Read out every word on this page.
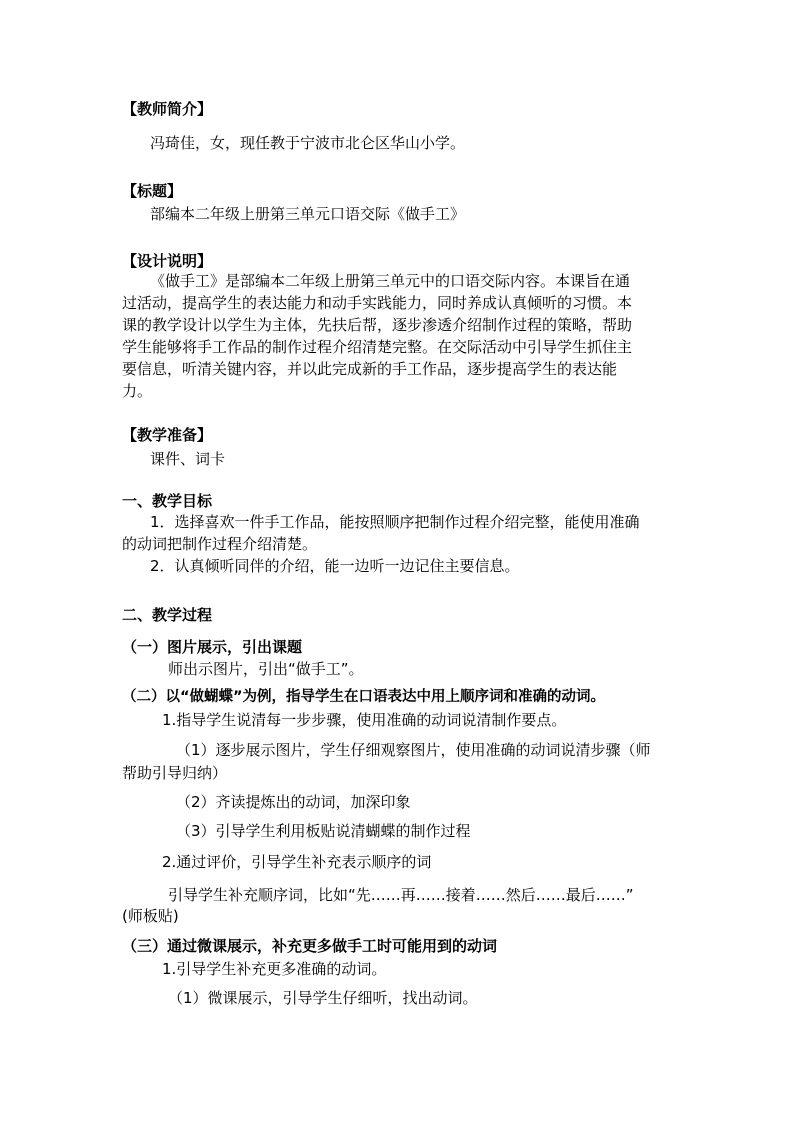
【教师简介】
冯琦佳，女，现任教于宁波市北仑区华山小学。
【标题】
部编本二年级上册第三单元口语交际《做手工》
【设计说明】
《做手工》是部编本二年级上册第三单元中的口语交际内容。本课旨在通
过活动，提高学生的表达能力和动手实践能力，同时养成认真倾听的习惯。本
课的教学设计以学生为主体，先扶后帮，逐步渗透介绍制作过程的策略，帮助
学生能够将手工作品的制作过程介绍清楚完整。在交际活动中引导学生抓住主
要信息，听清关键内容，并以此完成新的手工作品，逐步提高学生的表达能
力。
【教学准备】
课件、词卡
一、教学目标
1．选择喜欢一件手工作品，能按照顺序把制作过程介绍完整，能使用准确
的动词把制作过程介绍清楚。
2．认真倾听同伴的介绍，能一边听一边记住主要信息。
二、教学过程
（一）图片展示，引出课题
师出示图片，引出“做手工”。
（二）以“做蝴蝶”为例，指导学生在口语表达中用上顺序词和准确的动词。
1.指导学生说清每一步步骤，使用准确的动词说清制作要点。
（1）逐步展示图片，学生仔细观察图片，使用准确的动词说清步骤（师
帮助引导归纳）
（2）齐读提炼出的动词，加深印象
（3）引导学生利用板贴说清蝴蝶的制作过程
2.通过评价，引导学生补充表示顺序的词
引导学生补充顺序词，比如“先……再……接着……然后……最后……”
(师板贴)
（三）通过微课展示，补充更多做手工时可能用到的动词
1.引导学生补充更多准确的动词。
（1）微课展示，引导学生仔细听，找出动词。
